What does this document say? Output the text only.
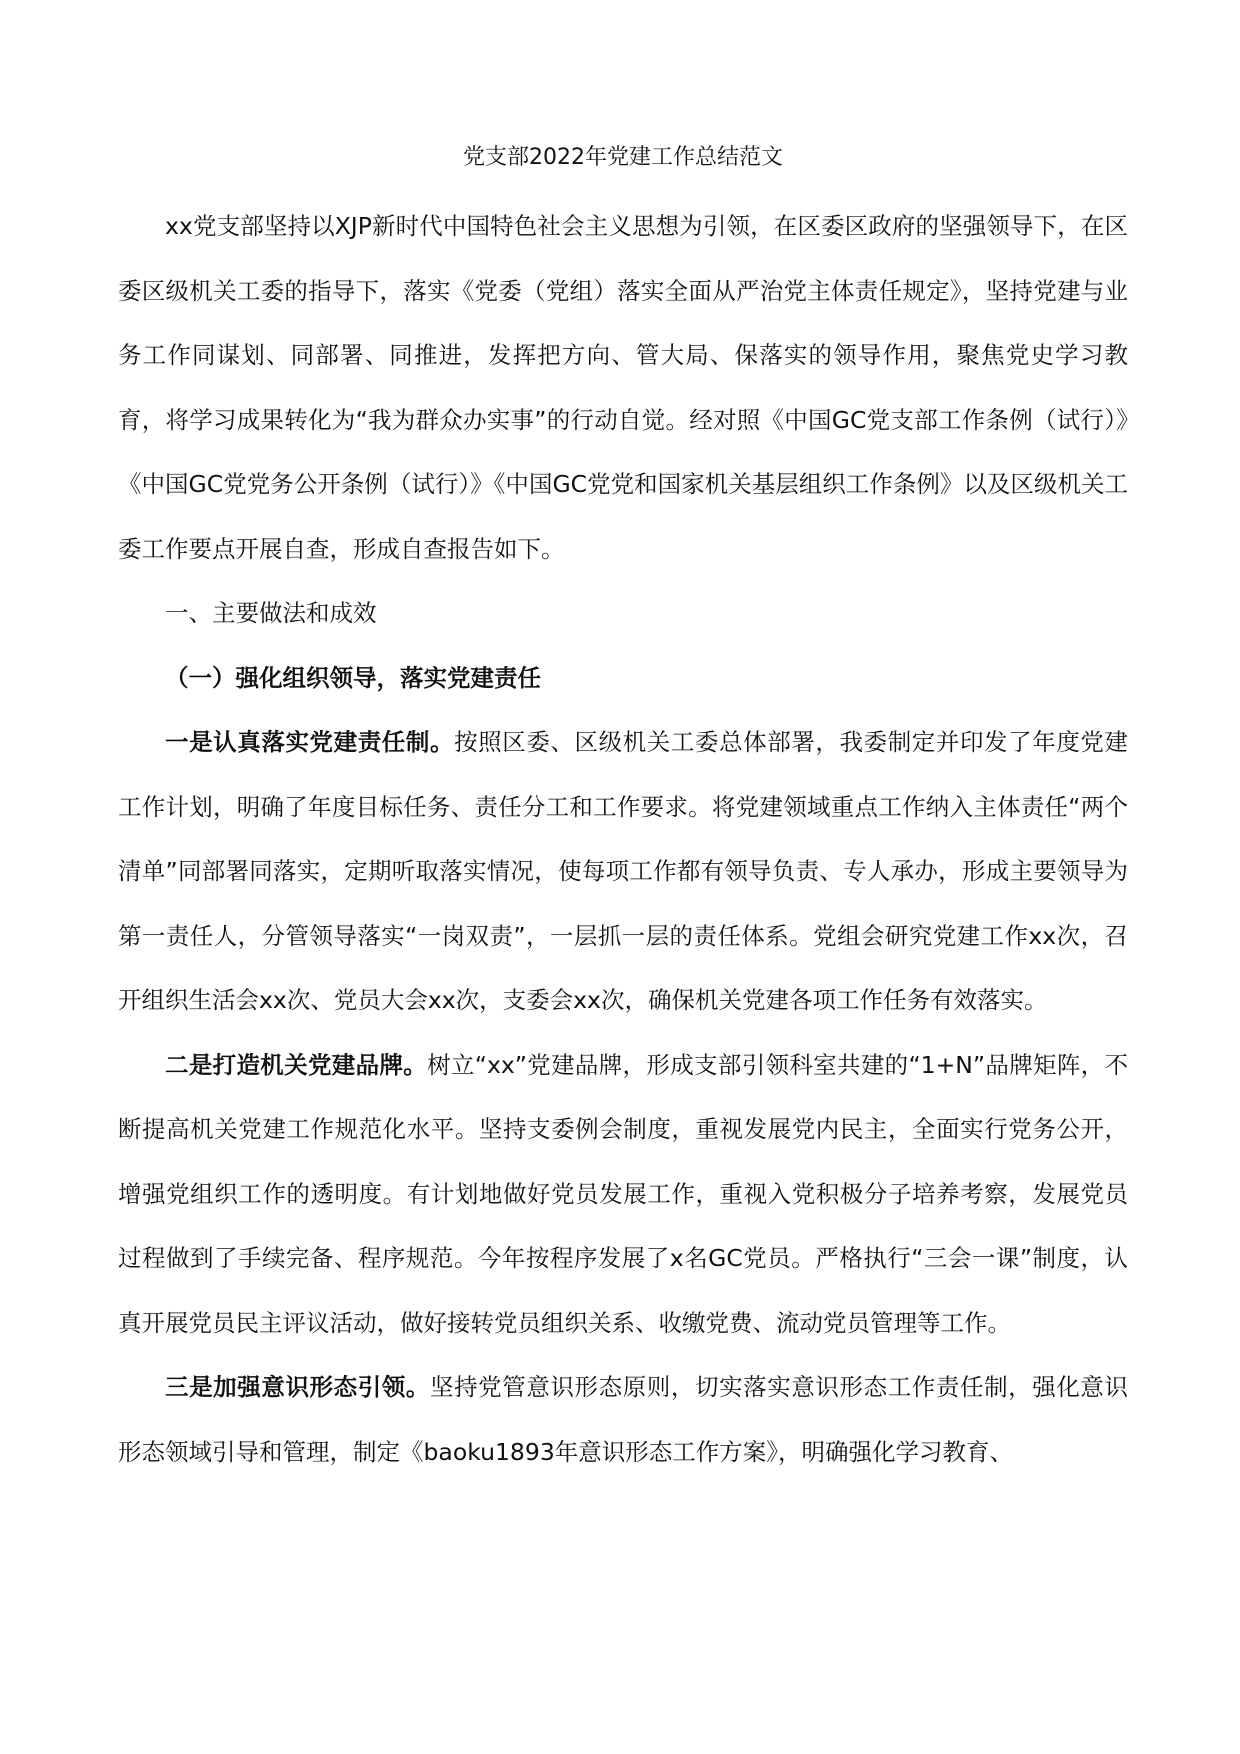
党支部2022年党建工作总结范文

xx党支部坚持以XJP新时代中国特色社会主义思想为引领，在区委区政府的坚强领导下，在区委区级机关工委的指导下，落实《党委（党组）落实全面从严治党主体责任规定》，坚持党建与业务工作同谋划、同部署、同推进，发挥把方向、管大局、保落实的领导作用，聚焦党史学习教育，将学习成果转化为“我为群众办实事”的行动自觉。经对照《中国GC党支部工作条例（试行）》《中国GC党党务公开条例（试行）》《中国GC党党和国家机关基层组织工作条例》以及区级机关工委工作要点开展自查，形成自查报告如下。

一、主要做法和成效

（一）强化组织领导，落实党建责任

一是认真落实党建责任制。按照区委、区级机关工委总体部署，我委制定并印发了年度党建工作计划，明确了年度目标任务、责任分工和工作要求。将党建领域重点工作纳入主体责任“两个清单”同部署同落实，定期听取落实情况，使每项工作都有领导负责、专人承办，形成主要领导为第一责任人，分管领导落实“一岗双责”，一层抓一层的责任体系。党组会研究党建工作xx次，召开组织生活会xx次、党员大会xx次，支委会xx次，确保机关党建各项工作任务有效落实。

二是打造机关党建品牌。树立“xx”党建品牌，形成支部引领科室共建的“1+N”品牌矩阵，不断提高机关党建工作规范化水平。坚持支委例会制度，重视发展党内民主，全面实行党务公开，增强党组织工作的透明度。有计划地做好党员发展工作，重视入党积极分子培养考察，发展党员过程做到了手续完备、程序规范。今年按程序发展了x名GC党员。严格执行“三会一课”制度，认真开展党员民主评议活动，做好接转党员组织关系、收缴党费、流动党员管理等工作。

三是加强意识形态引领。坚持党管意识形态原则，切实落实意识形态工作责任制，强化意识形态领域引导和管理，制定《baoku1893年意识形态工作方案》，明确强化学习教育、
